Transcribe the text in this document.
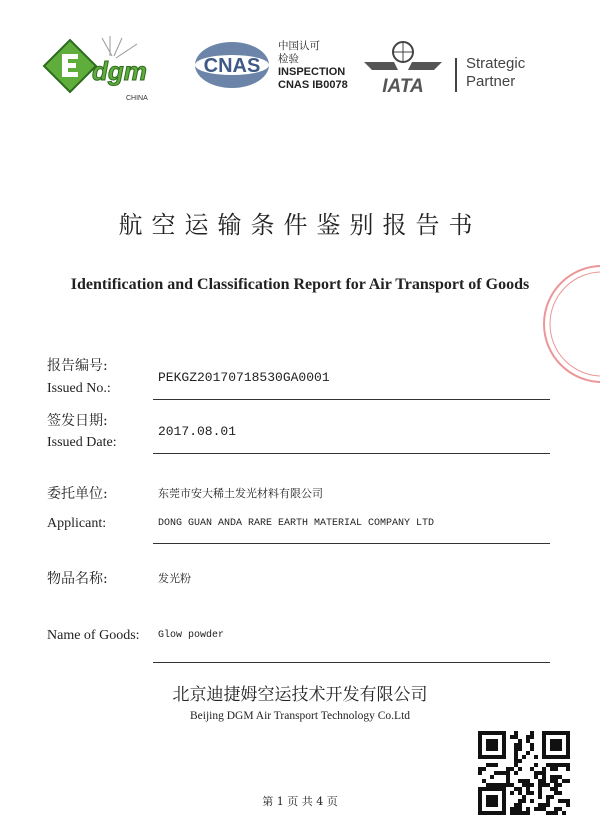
dgm
CHINA
CNAS
中国认可
检验
INSPECTION
CNAS IB0078 IATA
Strategic
Partner
航空运输条件鉴别报告书
Identification and Classification Report for Air Transport of Goods
报告编号:
Issued No.:
PEKGZ20170718530GA0001
签发日期:
Issued Date:
2017.08.01
委托单位:	东莞市安大稀土发光材料有限公司
Applicant:	DONG GUAN ANDA RARE EARTH MATERIAL COMPANY LTD
物品名称:	发光粉
Name of Goods: Glow powder
北京迪捷姆空运技术开发有限公司
Beijing DGM Air Transport Technology Co.Ltd
第 1 页 共 4 页
